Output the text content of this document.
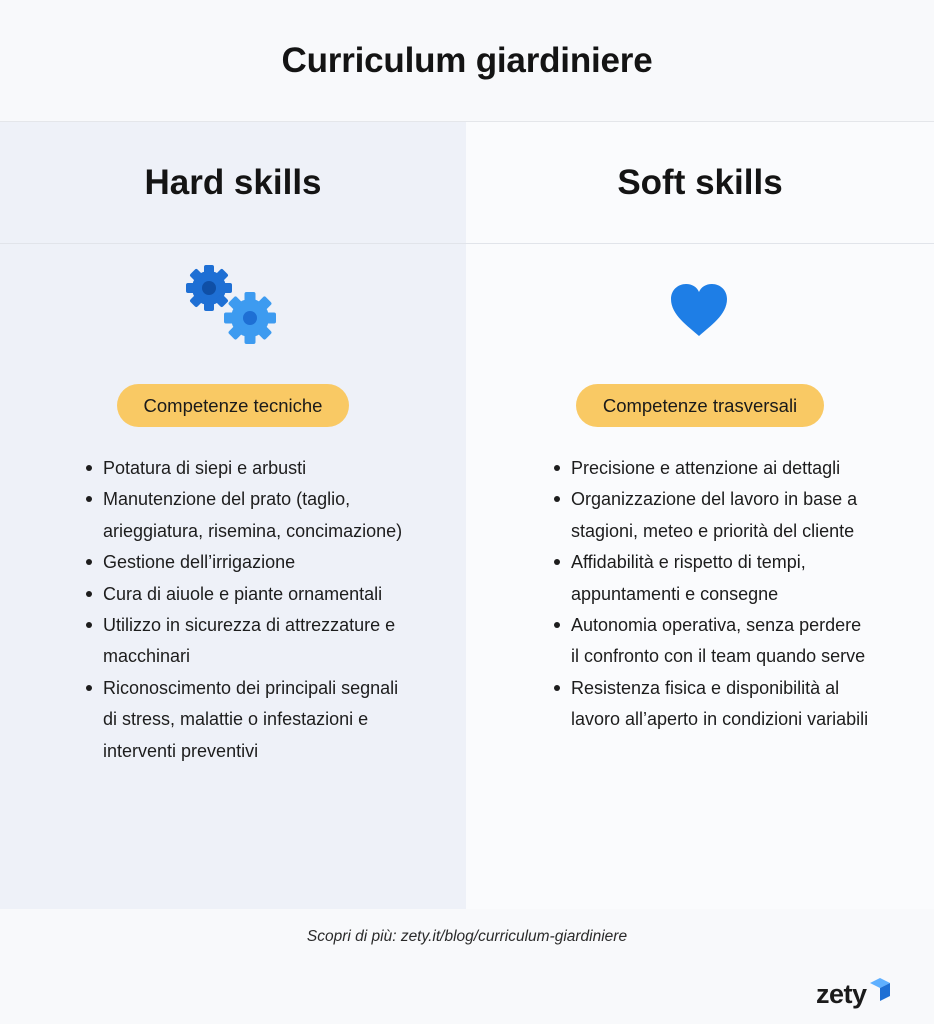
Curriculum giardiniere
Hard skills
Competenze tecniche
Potatura di siepi e arbusti
Manutenzione del prato (taglio, arieggiatura, risemina, concimazione)
Gestione dell’irrigazione
Cura di aiuole e piante ornamentali
Utilizzo in sicurezza di attrezzature e macchinari
Riconoscimento dei principali segnali di stress, malattie o infestazioni e interventi preventivi
Soft skills
Competenze trasversali
Precisione e attenzione ai dettagli
Organizzazione del lavoro in base a stagioni, meteo e priorità del cliente
Affidabilità e rispetto di tempi, appuntamenti e consegne
Autonomia operativa, senza perdere il confronto con il team quando serve
Resistenza fisica e disponibilità al lavoro all’aperto in condizioni variabili
Scopri di più: zety.it/blog/curriculum-giardiniere
zety
